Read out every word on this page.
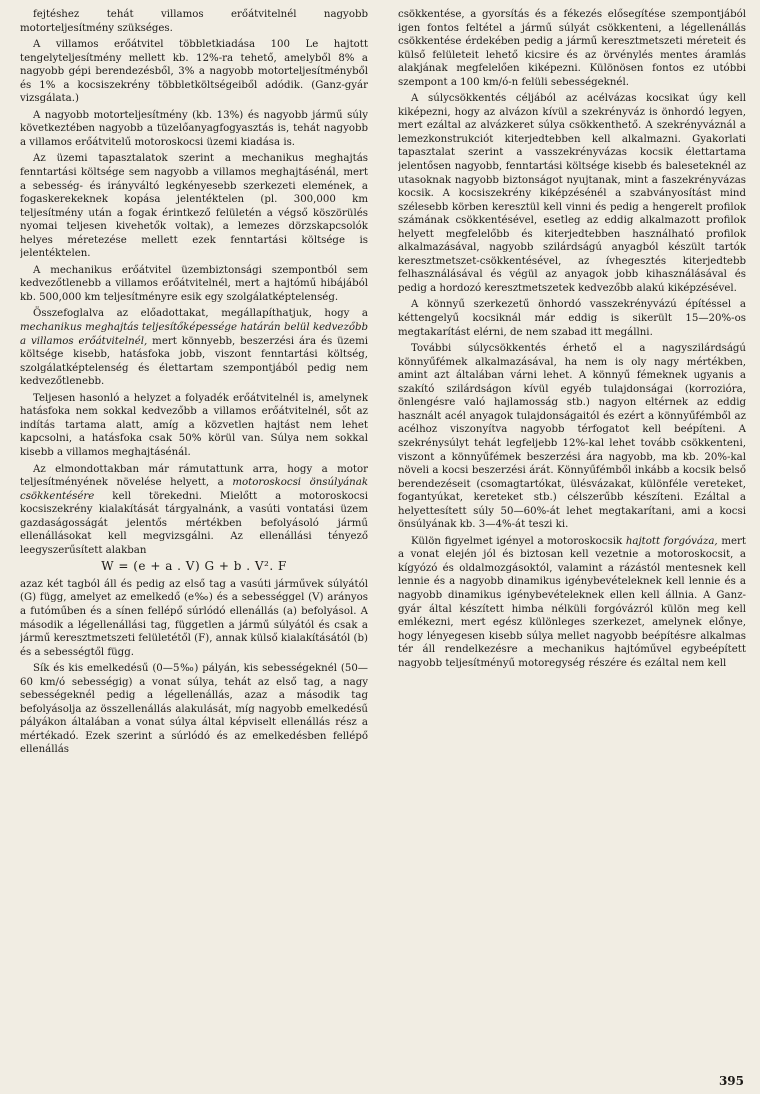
fejtéshez tehát villamos erőátvitelnél nagyobb motorteljesítmény szükséges.

A villamos erőátvitel többletkiadása 100 Le hajtott tengelyteljesítmény mellett kb. 12%-ra tehető, amelyből 8% a nagyobb gépi berendezésből, 3% a nagyobb motorteljesítményből és 1% a kocsiszekrény többletköltségeiből adódik. (Ganz-gyár vizsgálata.)

A nagyobb motorteljesítmény (kb. 13%) és nagyobb jármű súly következtében nagyobb a tüzelőanyagfogyasztás is, tehát nagyobb a villamos erőátvitelű motoroskocsi üzemi kiadása is.

Az üzemi tapasztalatok szerint a mechanikus meghajtás fenntartási költsége sem nagyobb a villamos meghajtásénál, mert a sebesség- és irányváltó legkényesebb szerkezeti elemének, a fogaskerekeknek kopása jelentéktelen (pl. 300,000 km teljesítmény után a fogak érintkező felületén a végső köszörülés nyomai teljesen kivehetők voltak), a lemezes dörzskapcsolók helyes méretezése mellett ezek fenntartási költsége is jelentéktelen.

A mechanikus erőátvitel üzembiztonsági szempontból sem kedvezőtlenebb a villamos erőátvitelnél, mert a hajtómű hibájából kb. 500,000 km teljesítményre esik egy szolgálatképtelenség.

Összefoglalva az előadottakat, megállapíthatjuk, hogy a mechanikus meghajtás teljesítőképessége határán belül kedvezőbb a villamos erőátvitelnél, mert könnyebb, beszerzési ára és üzemi költsége kisebb, hatásfoka jobb, viszont fenntartási költség, szolgálatképtelenség és élettartam szempontjából pedig nem kedvezőtlenebb.

Teljesen hasonló a helyzet a folyadék erőátvitelnél is, amelynek hatásfoka nem sokkal kedvezőbb a villamos erőátvitelnél, sőt az indítás tartama alatt, amíg a közvetlen hajtást nem lehet kapcsolni, a hatásfoka csak 50% körül van. Súlya nem sokkal kisebb a villamos meghajtásénál.

Az elmondottakban már rámutattunk arra, hogy a motor teljesítményének növelése helyett, a motoroskocsi önsúlyának csökkentésére kell törekedni. Mielőtt a motoroskocsi kocsiszekrény kialakítását tárgyalnánk, a vasúti vontatási üzem gazdaságosságát jelentős mértékben befolyásoló jármű ellenállásokat kell megvizsgálni. Az ellenállási tényező leegyszerűsített alakban

W = (e + a . V) G + b . V². F

azaz két tagból áll és pedig az első tag a vasúti járművek súlyától (G) függ, amelyet az emelkedő (e‰) és a sebességgel (V) arányos a futóműben és a sínen fellépő súrlódó ellenállás (a) befolyásol. A második a légellenállási tag, független a jármű súlyától és csak a jármű keresztmetszeti felületétől (F), annak külső kialakításától (b) és a sebességtől függ.

Sík és kis emelkedésű (0—5‰) pályán, kis sebességeknél (50—60 km/ó sebességig) a vonat súlya, tehát az első tag, a nagy sebességeknél pedig a légellenállás, azaz a második tag befolyásolja az összellenállás alakulását, míg nagyobb emelkedésű pályákon általában a vonat súlya által képviselt ellenállás rész a mértékadó. Ezek szerint a súrlódó és az emelkedésben fellépő ellenállás

csökkentése, a gyorsítás és a fékezés elősegítése szempontjából igen fontos feltétel a jármű súlyát csökkenteni, a légellenállás csökkentése érdekében pedig a jármű keresztmetszeti méreteit és külső felületeit lehető kicsire és az örvénylés mentes áramlás alakjának megfelelően kiképezni. Különösen fontos ez utóbbi szempont a 100 km/ó-n felüli sebességeknél.

A súlycsökkentés céljából az acélvázas kocsikat úgy kell kiképezni, hogy az alvázon kívül a szekrényváz is önhordó legyen, mert ezáltal az alvázkeret súlya csökkenthető. A szekrényváznál a lemezkonstrukciót kiterjedtebben kell alkalmazni. Gyakorlati tapasztalat szerint a vasszekrényvázas kocsik élettartama jelentősen nagyobb, fenntartási költsége kisebb és baleseteknél az utasoknak nagyobb biztonságot nyujtanak, mint a faszekrényvázas kocsik. A kocsiszekrény kiképzésénél a szabványosítást mind szélesebb körben keresztül kell vinni és pedig a hengerelt profilok számának csökkentésével, esetleg az eddig alkalmazott profilok helyett megfelelőbb és kiterjedtebben használható profilok alkalmazásával, nagyobb szilárdságú anyagból készült tartók keresztmetszet-csökkentésével, az ívhegesztés kiterjedtebb felhasználásával és végül az anyagok jobb kihasználásával és pedig a hordozó keresztmetszetek kedvezőbb alakú kiképzésével.

A könnyű szerkezetű önhordó vasszekrényvázú építéssel a kéttengelyű kocsiknál már eddig is sikerült 15—20%-os megtakarítást elérni, de nem szabad itt megállni.

További súlycsökkentés érhető el a nagyszilárdságú könnyűfémek alkalmazásával, ha nem is oly nagy mértékben, amint azt általában várni lehet. A könnyű fémeknek ugyanis a szakító szilárdságon kívül egyéb tulajdonságai (korrozióra, önlengésre való hajlamosság stb.) nagyon eltérnek az eddig használt acél anyagok tulajdonságaitól és ezért a könnyűfémből az acélhoz viszonyítva nagyobb térfogatot kell beépíteni. A szekrénysúlyt tehát legfeljebb 12%-kal lehet tovább csökkenteni, viszont a könnyűfémek beszerzési ára nagyobb, ma kb. 20%-kal növeli a kocsi beszerzési árát. Könnyűfémből inkább a kocsik belső berendezéseit (csomagtartókat, ülésvázakat, különféle vereteket, fogantyúkat, kereteket stb.) célszerűbb készíteni. Ezáltal a helyettesített súly 50—60%-át lehet megtakarítani, ami a kocsi önsúlyának kb. 3—4%-át teszi ki.

Külön figyelmet igényel a motoroskocsik hajtott forgóváza, mert a vonat elején jól és biztosan kell vezetnie a motoroskocsit, a kígyózó és oldalmozgásoktól, valamint a rázástól mentesnek kell lennie és a nagyobb dinamikus igénybevételeknek kell lennie és a nagyobb dinamikus igénybevételeknek ellen kell állnia. A Ganz-gyár által készített himba nélküli forgóvázról külön meg kell emlékezni, mert egész különleges szerkezet, amelynek előnye, hogy lényegesen kisebb súlya mellet nagyobb beépítésre alkalmas tér áll rendelkezésre a mechanikus hajtóművel egybeépített nagyobb teljesítményű motoregység részére és ezáltal nem kell

395
